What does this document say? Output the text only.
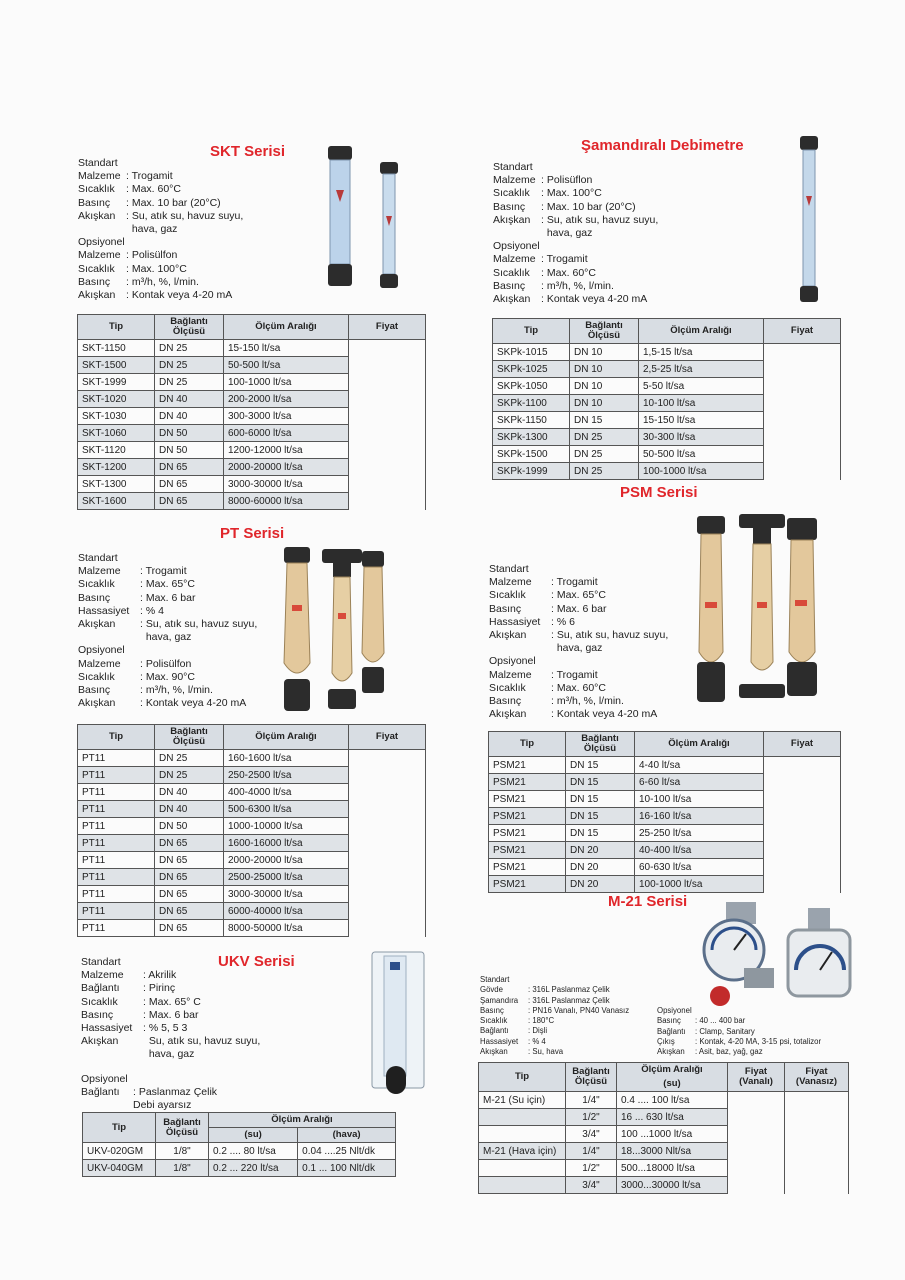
SKT Serisi
Standart
Malzeme : Trogamit
Sıcaklık	: Max. 60°C
Basınç	: Max. 10 bar (20°C)
Akışkan	: Su, atık su, havuz suyu,
hava, gaz
Opsiyonel
Malzeme : Polisülfon
Sıcaklık	: Max. 100°C
Basınç	: m³/h, %, l/min.
Akışkan	: Kontak veya 4-20 mA
Tip	Bağlantı Ölçüsü	Ölçüm Aralığı	Fiyat
SKT-1150	DN 25	15-150 lt/sa	
SKT-1500	DN 25	50-500 lt/sa	
SKT-1999	DN 25	100-1000 lt/sa	
SKT-1020	DN 40	200-2000 lt/sa	
SKT-1030	DN 40	300-3000 lt/sa	
SKT-1060	DN 50	600-6000 lt/sa	
SKT-1120	DN 50	1200-12000 lt/sa	
SKT-1200	DN 65	2000-20000 lt/sa	
SKT-1300	DN 65	3000-30000 lt/sa	
SKT-1600	DN 65	8000-60000 lt/sa	
Şamandıralı Debimetre
Standart
Malzeme : Polisüflon
Sıcaklık	: Max. 100°C
Basınç	: Max. 10 bar (20°C)
Akışkan	: Su, atık su, havuz suyu,
hava, gaz
Opsiyonel
Malzeme : Trogamit
Sıcaklık	: Max. 60°C
Basınç	: m³/h, %, l/min.
Akışkan	: Kontak veya 4-20 mA
Tip	Bağlantı Ölçüsü	Ölçüm Aralığı	Fiyat
SKPk-1015	DN 10	1,5-15 lt/sa	
SKPk-1025	DN 10	2,5-25 lt/sa	
SKPk-1050	DN 10	5-50 lt/sa	
SKPk-1100	DN 10	10-100 lt/sa	
SKPk-1150	DN 15	15-150 lt/sa	
SKPk-1300	DN 25	30-300 lt/sa	
SKPk-1500	DN 25	50-500 lt/sa	
SKPk-1999	DN 25	100-1000 lt/sa	
PT Serisi
Standart
Malzeme	: Trogamit
Sıcaklık	: Max. 65°C
Basınç	: Max. 6 bar
Hassasiyet	: % 4
Akışkan	: Su, atık su, havuz suyu,
hava, gaz
Opsiyonel
Malzeme	: Polisülfon
Sıcaklık	: Max. 90°C
Basınç	: m³/h, %, l/min.
Akışkan	: Kontak veya 4-20 mA
Tip	Bağlantı Ölçüsü	Ölçüm Aralığı	Fiyat
PT11	DN 25	160-1600 lt/sa	
PT11	DN 25	250-2500 lt/sa	
PT11	DN 40	400-4000 lt/sa	
PT11	DN 40	500-6300 lt/sa	
PT11	DN 50	1000-10000 lt/sa	
PT11	DN 65	1600-16000 lt/sa	
PT11	DN 65	2000-20000 lt/sa	
PT11	DN 65	2500-25000 lt/sa	
PT11	DN 65	3000-30000 lt/sa	
PT11	DN 65	6000-40000 lt/sa	
PT11	DN 65	8000-50000 lt/sa	
PSM Serisi
Standart
Malzeme	: Trogamit
Sıcaklık	: Max. 65°C
Basınç	: Max. 6 bar
Hassasiyet	: % 6
Akışkan	: Su, atık su, havuz suyu,
hava, gaz
Opsiyonel
Malzeme	: Trogamit
Sıcaklık	: Max. 60°C
Basınç	: m³/h, %, l/min.
Akışkan	: Kontak veya 4-20 mA
Tip	Bağlantı Ölçüsü	Ölçüm Aralığı	Fiyat
PSM21	DN 15	4-40 lt/sa	
PSM21	DN 15	6-60 lt/sa	
PSM21	DN 15	10-100 lt/sa	
PSM21	DN 15	16-160 lt/sa	
PSM21	DN 15	25-250 lt/sa	
PSM21	DN 20	40-400 lt/sa	
PSM21	DN 20	60-630 lt/sa	
PSM21	DN 20	100-1000 lt/sa	
UKV Serisi
Standart
Malzeme	: Akrilik
Bağlantı	: Pirinç
Sıcaklık	: Max. 65° C
Basınç	: Max. 6 bar
Hassasiyet	: % 5, 5 3
Akışkan	Su, atık su, havuz suyu,
hava, gaz
Opsiyonel
Bağlantı	: Paslanmaz Çelik
Debi ayarsız
Tip	Bağlantı Ölçüsü	Ölçüm Aralığı	
		(su)	(hava)
UKV-020GM	1/8"	0.2 .... 80 lt/sa	0.04 ....25 Nlt/dk
UKV-040GM	1/8"	0.2 ... 220 lt/sa	0.1 ... 100 Nlt/dk
M-21 Serisi
Standart
Gövde	: 316L Paslanmaz Çelik
Şamandıra	: 316L Paslanmaz Çelik
Basınç	: PN16 Vanalı, PN40 Vanasız
Sıcaklık	: 180°C
Bağlantı	: Dişli
Hassasiyet	: % 4
Akışkan	: Su, hava
Opsiyonel
Basınç	: 40 ... 400 bar
Bağlantı	: Clamp, Sanitary
Çıkış	: Kontak, 4-20 MA, 3-15 psi, totalizor
Akışkan	: Asit, baz, yağ, gaz
Tip	Bağlantı Ölçüsü	Ölçüm Aralığı	Fiyat (Vanalı)	Fiyat (Vanasız)
		(su)		
M-21 (Su için)	1/4"	0.4 .... 100 lt/sa		
	1/2"	16 ... 630 lt/sa		
	3/4"	100 ...1000 lt/sa		
M-21 (Hava için)	1/4"	18...3000 Nlt/sa		
	1/2"	500...18000 lt/sa		
	3/4"	3000...30000 lt/sa		
